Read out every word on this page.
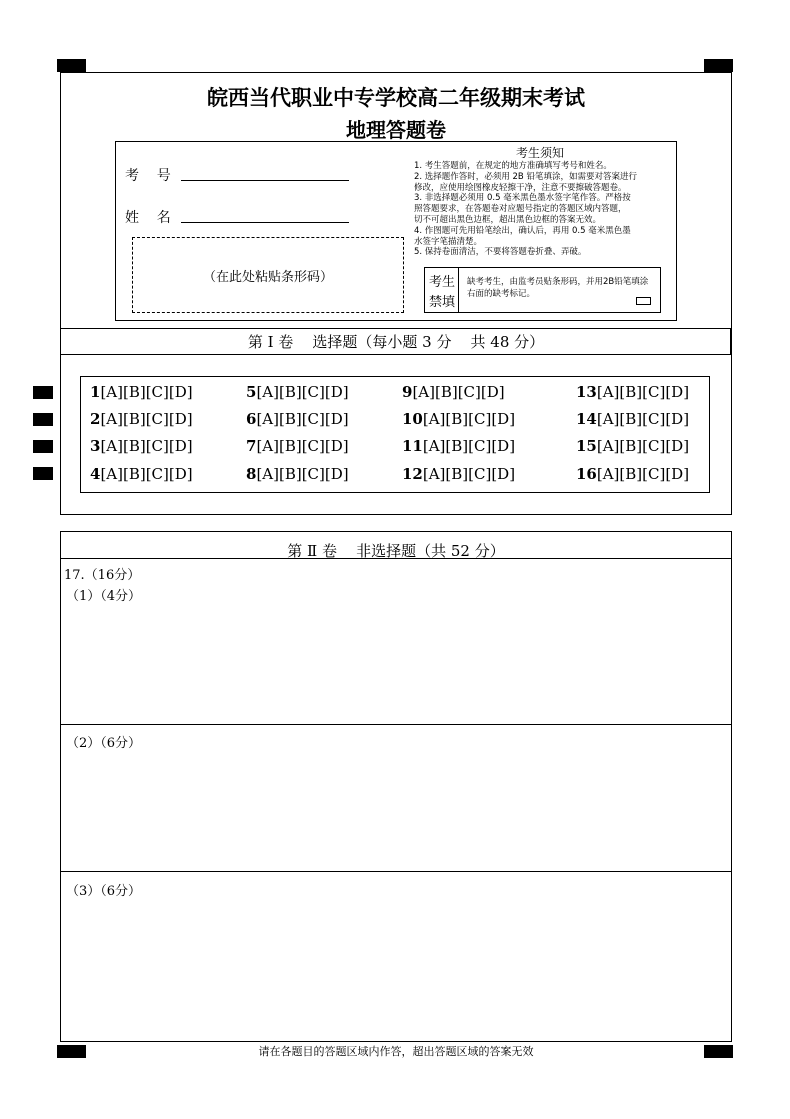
皖西当代职业中专学校高二年级期末考试
地理答题卷
考    号
姓    名
（在此处粘贴条形码）
考生须知
1. 考生答题前，在规定的地方准确填写考号和姓名。
2. 选择题作答时，必须用 2B 铅笔填涂，如需要对答案进行
修改，应使用绘图橡皮轻擦干净，注意不要擦破答题卷。
3. 非选择题必须用 0.5 毫米黑色墨水签字笔作答。严格按
照答题要求，在答题卷对应题号指定的答题区域内答题，
切不可超出黑色边框，超出黑色边框的答案无效。
4. 作图题可先用铅笔绘出，确认后，再用 0.5 毫米黑色墨
水签字笔描清楚。
5. 保持卷面清洁，不要将答题卷折叠、弄破。
考生
禁填
缺考考生，由监考员贴条形码，并用2B铅笔填涂
右面的缺考标记。
第 Ⅰ 卷    选择题（每小题 3 分    共 48 分）
1[A][B][C][D]
2[A][B][C][D]
3[A][B][C][D]
4[A][B][C][D]
5[A][B][C][D]
6[A][B][C][D]
7[A][B][C][D]
8[A][B][C][D]
9[A][B][C][D]
10[A][B][C][D]
11[A][B][C][D]
12[A][B][C][D]
13[A][B][C][D]
14[A][B][C][D]
15[A][B][C][D]
16[A][B][C][D]
第 Ⅱ 卷    非选择题（共 52 分）
17.（16分）
（1）（4分）
（2）（6分）
（3）（6分）
请在各题目的答题区域内作答，超出答题区域的答案无效
